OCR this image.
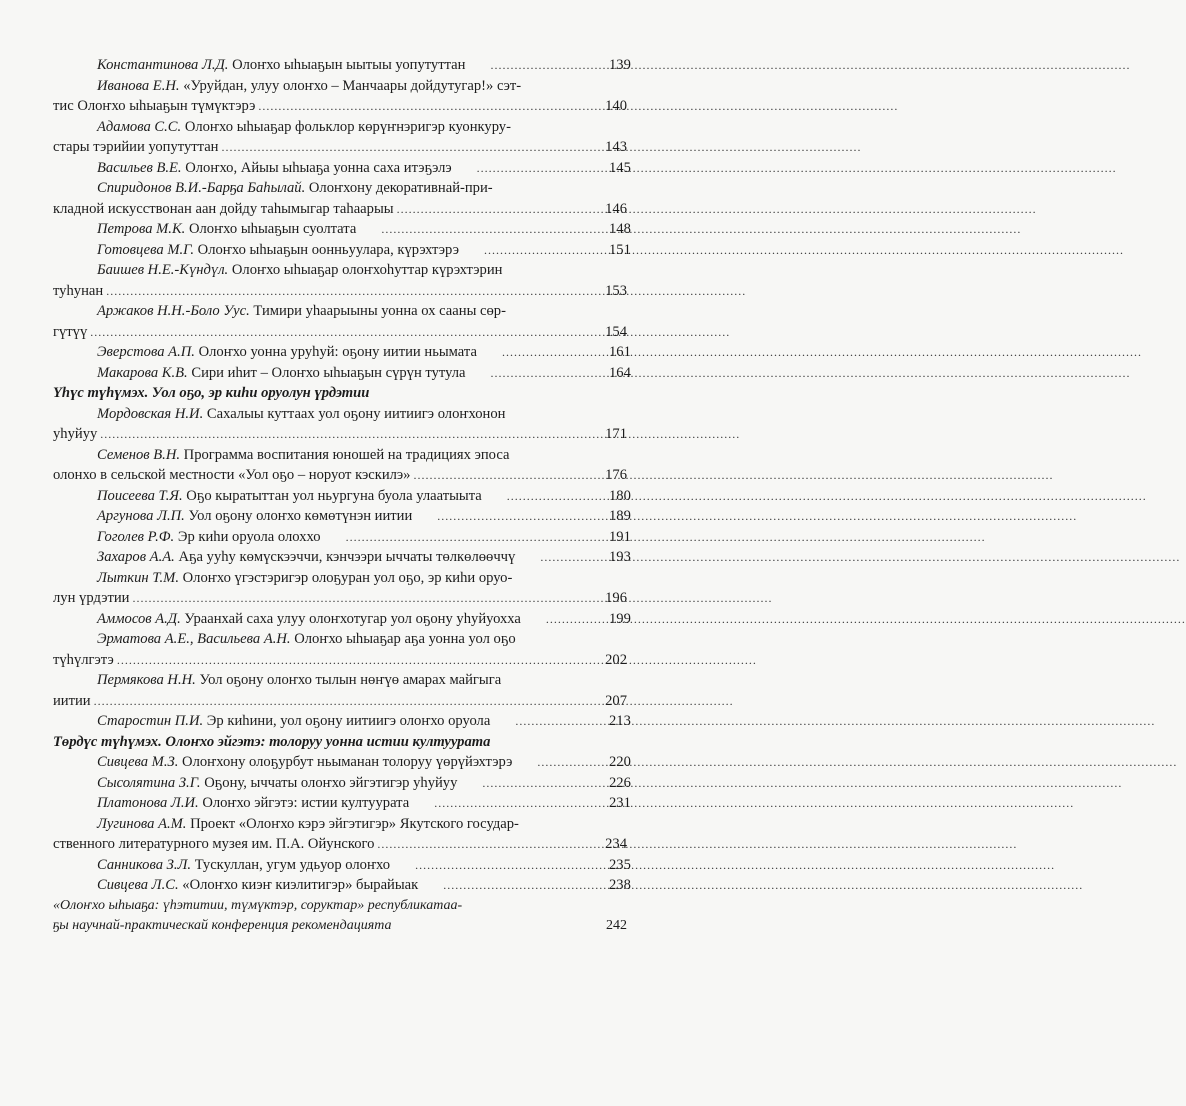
Константинова Л.Д. Олоҥхо ыһыаҕын ыытыы уопутуттан .....	139
Иванова Е.Н. «Уруйдан, улуу олоҥхо – Манчаары дойдутугар!» сэт-
тис Олоҥхо ыһыаҕын түмүктэрэ .....	140
Адамова С.С. Олоҥхо ыһыаҕар фольклор көрүҥнэригэр куонкуру-
стары тэрийии уопутуттан .....	143
Васильев В.Е. Олоҥхо, Айыы ыһыаҕа уонна саха итэҕэлэ .....	145
Спиридонов В.И.-Барҕа Баһылай. Олоҥхону декоративнай-при-
кладной искусствонан аан дойду таһымыгар таһаарыы .....	146
Петрова М.К. Олоҥхо ыһыаҕын суолтата .....	148
Готовцева М.Г. Олоҥхо ыһыаҕын оонньуулара, күрэхтэрэ .....	151
Баишев Н.Е.-Күндүл. Олоҥхо ыһыаҕар олоҥхоһуттар күрэхтэрин
туһунан .....	153
Аржаков Н.Н.-Боло Уус. Тимири уһаарыыны уонна ох сааны сөр-
гүтүү .....	154
Эверстова А.П. Олоҥхо уонна уруһуй: оҕону иитии ньымата .....	161
Макарова К.В. Сири иһит – Олоҥхо ыһыаҕын сүрүн тутула .....	164
Үһүс түһүмэх. Уол оҕо, эр киһи оруолун үрдэтии
Мордовская Н.И. Сахалыы куттаах уол оҕону иитиигэ олоҥхонон
уһуйуу .....	171
Семенов В.Н. Программа воспитания юношей на традициях эпоса
олонхо в сельской местности «Уол оҕо – норуот кэскилэ» .....	176
Поисеева Т.Я. Оҕо кыратыттан уол ньургуна буола улаатыыта .....	180
Аргунова Л.П. Уол оҕону олоҥхо көмөтүнэн иитии .....	189
Гоголев Р.Ф. Эр киһи оруола олоххо .....	191
Захаров А.А. Аҕа ууһу көмүскээччи, кэнчээри ыччаты төлкөлөөччү .....	193
Лыткин Т.М. Олоҥхо үгэстэригэр олоҕуран уол оҕо, эр киһи оруо-
лун үрдэтии .....	196
Аммосов А.Д. Ураанхай саха улуу олоҥхотугар уол оҕону уһуйуохха .....	199
Эрматова А.Е., Васильева А.Н. Олоҥхо ыһыаҕар аҕа уонна уол оҕо
түһүлгэтэ .....	202
Пермякова Н.Н. Уол оҕону олоҥхо тылын нөҥүө амарах майгыга
иитии .....	207
Старостин П.И. Эр киһини, уол оҕону иитиигэ олоҥхо оруола .....	213
Төрдүс түһүмэх. Олоҥхо эйгэтэ: толоруу уонна истии култуурата
Сивцева М.З. Олоҥхону олоҕурбут ньыманан толоруу үөрүйэхтэрэ .....	220
Сысолятина З.Г. Оҕону, ыччаты олоҥхо эйгэтигэр уһуйуу .....	226
Платонова Л.И. Олоҥхо эйгэтэ: истии култуурата .....	231
Лугинова А.М. Проект «Олоҥхо кэрэ эйгэтигэр» Якутского государ-
ственного литературного музея им. П.А. Ойунского .....	234
Санникова З.Л. Тускуллан, угум удьуор олоҥхо .....	235
Сивцева Л.С. «Олоҥхо киэҥ киэлитигэр» бырайыак .....	238
«Олоҥхо ыһыаҕа: үһэтитии, түмүктэр, соруктар» республикатаа-
ҕы научнай-практическай конференция рекомендацията	242
